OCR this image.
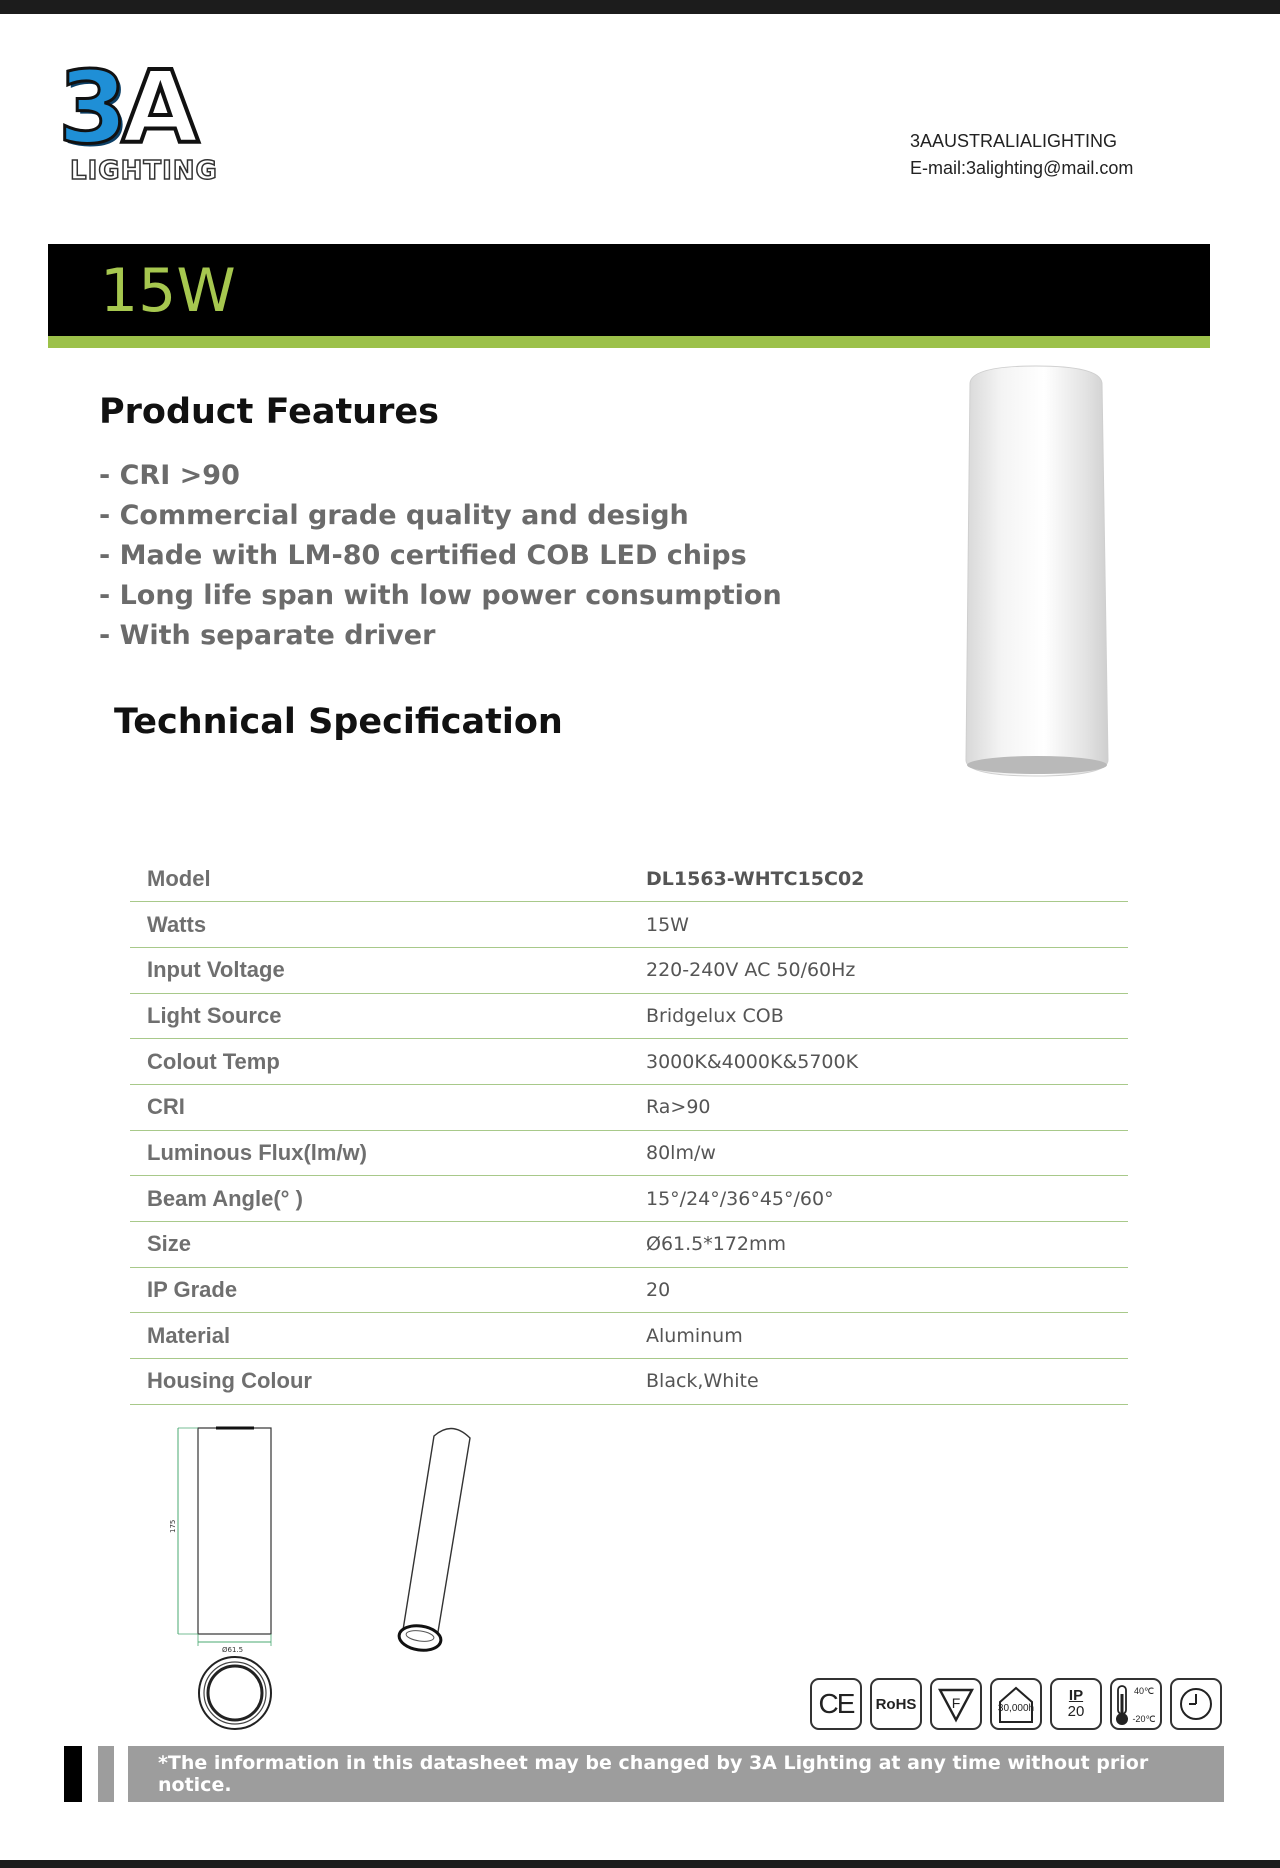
3A
LIGHTING
3AAUSTRALIALIGHTING
E-mail:3alighting@mail.com
15W
Product Features
- CRI >90
- Commercial grade quality and desigh
- Made with LM-80 certified COB LED chips
- Long life span with low power consumption
- With separate driver
Technical Specification
Model	DL1563-WHTC15C02
Watts	15W
Input Voltage	220-240V AC 50/60Hz
Light Source	Bridgelux COB
Colout Temp	3000K&4000K&5700K
CRI	Ra>90
Luminous Flux(lm/w)	80lm/w
Beam Angle(° )	15°/24°/36°45°/60°
Size	Ø61.5*172mm
IP Grade	20
Material	Aluminum
Housing Colour	Black,White
175
Ø61.5
CE RoHS	F	30,000h
IP
20
40℃
-20℃
*The information in this datasheet may be changed by 3A Lighting at any time without prior notice.
